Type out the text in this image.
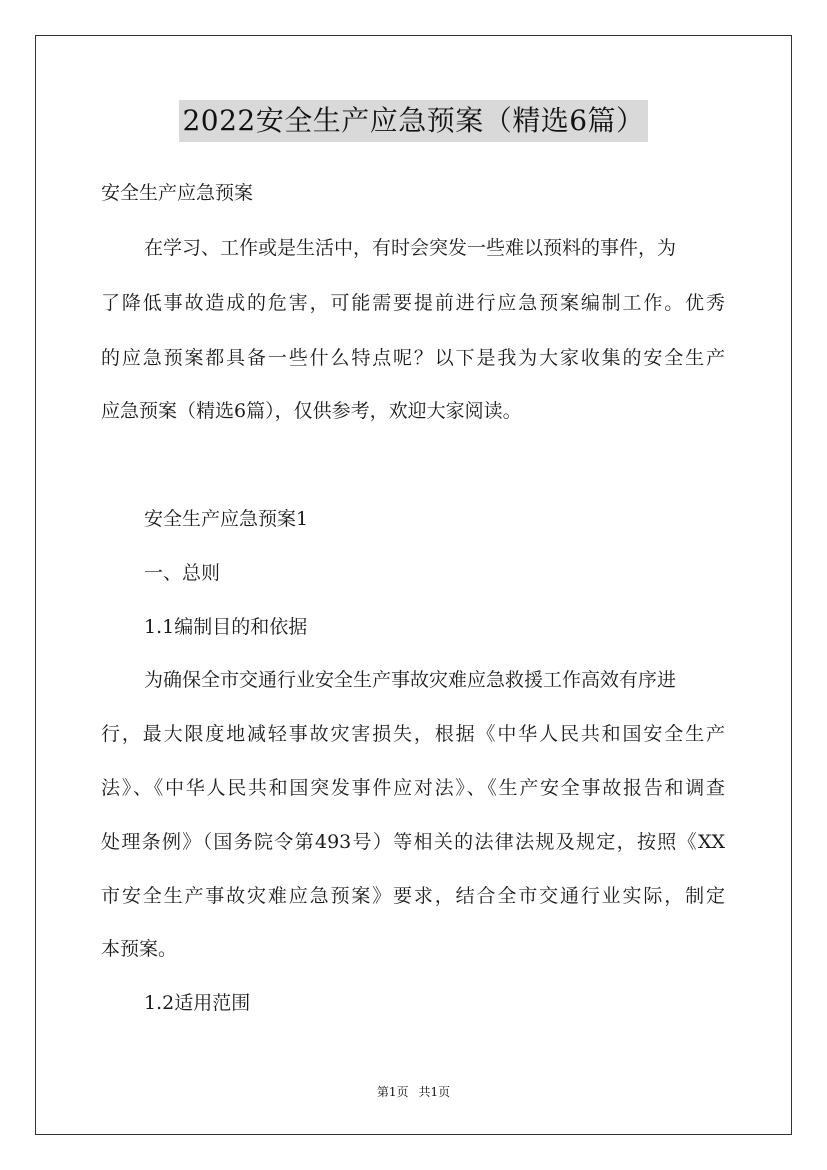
2022安全生产应急预案（精选6篇）
安全生产应急预案
在学习、工作或是生活中，有时会突发一些难以预料的事件，为
了降低事故造成的危害，可能需要提前进行应急预案编制工作。优秀
的应急预案都具备一些什么特点呢？以下是我为大家收集的安全生产
应急预案（精选6篇），仅供参考，欢迎大家阅读。
安全生产应急预案1
一、总则
1.1编制目的和依据
为确保全市交通行业安全生产事故灾难应急救援工作高效有序进
行，最大限度地减轻事故灾害损失，根据《中华人民共和国安全生产
法》、《中华人民共和国突发事件应对法》、《生产安全事故报告和调查
处理条例》（国务院令第493号）等相关的法律法规及规定，按照《XX
市安全生产事故灾难应急预案》要求，结合全市交通行业实际，制定
本预案。
1.2适用范围
第1页 共1页
